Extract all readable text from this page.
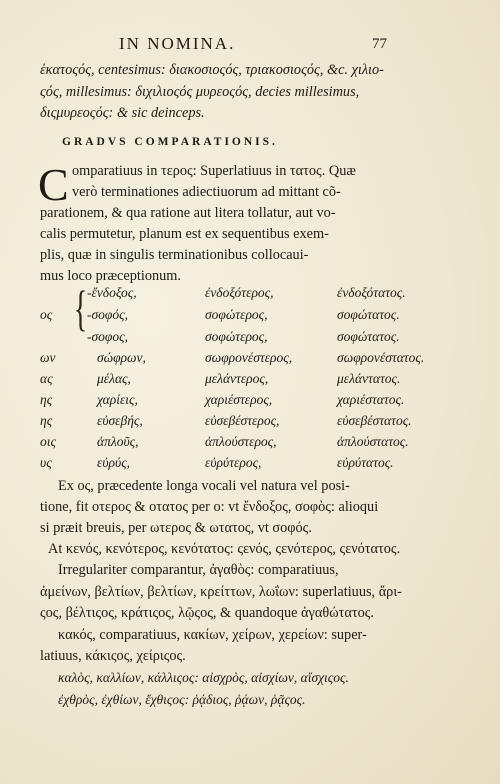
IN NOMINA.	77
ἑκατοςός, centesimus: διακοσιοςός, τριακοσιοςός, &c. χιλιο-
ςός, millesimus: διχιλιοςός μυρεοςός, decies millesimus,
διςμυρεοςός: & sic deinceps.
GRADVS COMPARATIONIS.
C omparatiuus in τερος: Superlatiuus in τατος. Quæ
verò terminationes adiectiuorum ad mittant cõ-
parationem, & qua ratione aut litera tollatur, aut vo-
calis permutetur, planum est ex sequentibus exem-
plis, quæ in singulis terminationibus collocaui-
mus loco præceptionum.
{ -ἔνδοξος,	ἐνδοξότερος,	ἐνδοξότατος.
ος	-σοφός,	σοφώτερος,	σοφώτατος.
-σοφος,	σοφώτερος,	σοφώτατος.
ων	σώφρων,	σωφρονέστερος,	σωφρονέστατος.
ας	μέλας,	μελάντερος,	μελάντατος.
ης	χαρίεις,	χαριέστερος,	χαριέστατος.
ης	εὐσεβής,	εὐσεβέστερος,	εὐσεβέστατος.
οις	ἁπλοῦς,	ἁπλούστερος,	ἁπλούστατος.
υς	εὐρύς,	εὐρύτερος,	εὐρύτατος.
Ex ος, præcedente longa vocali vel natura vel posi-
tione, fit οτερος & οτατος per ο: vt ἔνδοξος, σοφὸς: alioqui
si præit breuis, per ωτερος & ωτατος, vt σοφός.
At κενός, κενότερος, κενότατος: ςενός, ςενότερος, ςενότατος.
Irregulariter comparantur, ἀγαθὸς: comparatiuus,
ἀμείνων, βελτίων, βελτίων, κρείττων, λωΐων: superlatiuus, ἄρι-
ςος, βέλτιςος, κράτιςος, λῷςος, & quandoque ἀγαθώτατος.
κακός, comparatiuus, κακίων, χείρων, χερείων: super-
latiuus, κάκιςος, χείριςος.
καλὸς, καλλίων, κάλλιςος: αἰσχρὸς, αἰσχίων, αἴσχιςος.
ἐχθρὸς, ἐχθίων, ἔχθιςος: ῥᾴδιος, ῥᾴων, ῥᾷςος.
